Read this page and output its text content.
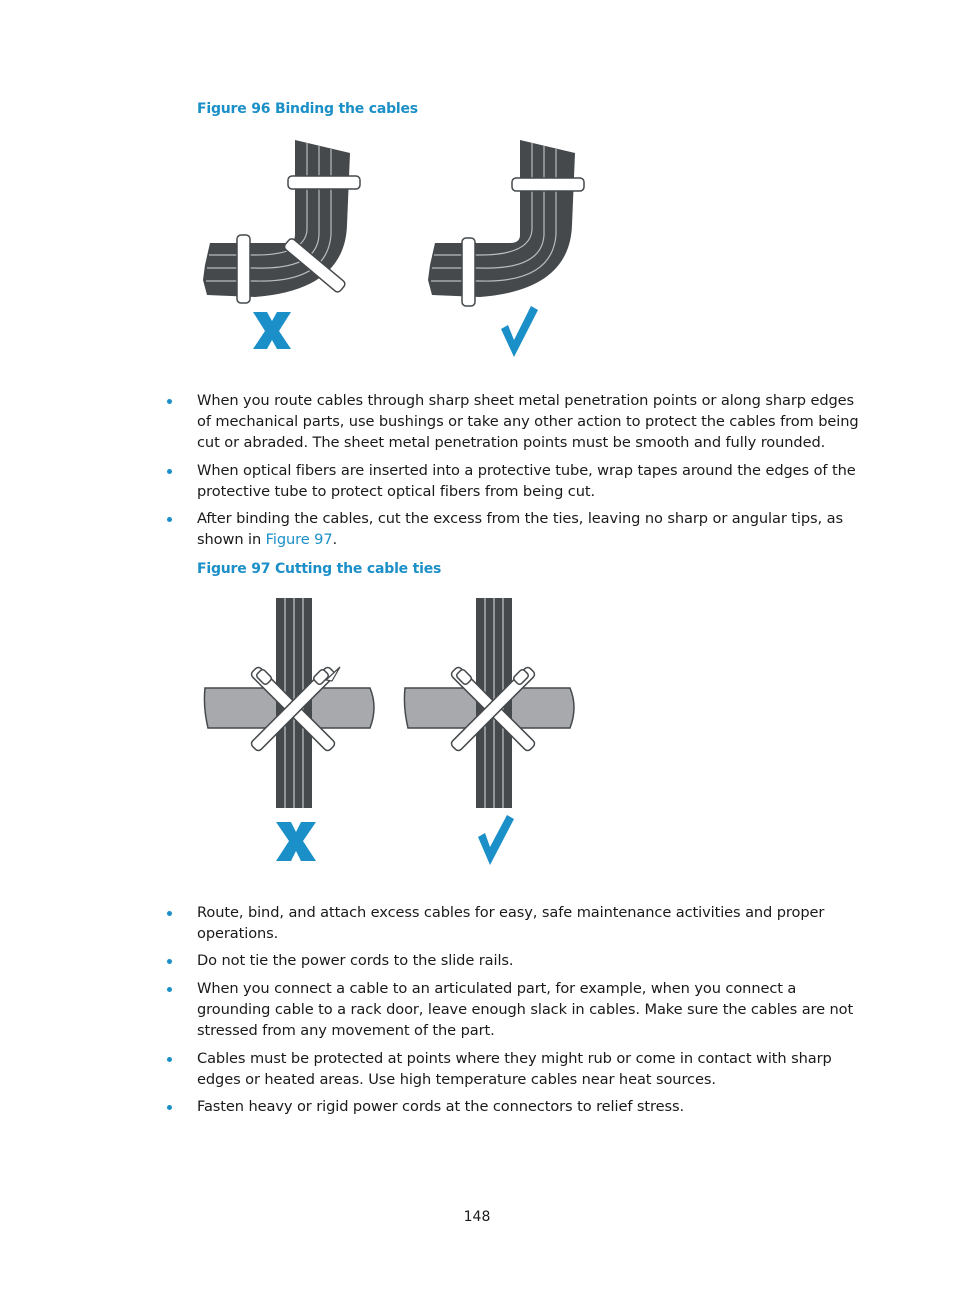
Figure 96 Binding the cables
When you route cables through sharp sheet metal penetration points or along sharp edges of mechanical parts, use bushings or take any other action to protect the cables from being cut or abraded. The sheet metal penetration points must be smooth and fully rounded.
When optical fibers are inserted into a protective tube, wrap tapes around the edges of the protective tube to protect optical fibers from being cut.
After binding the cables, cut the excess from the ties, leaving no sharp or angular tips, as shown in Figure 97.
Figure 97 Cutting the cable ties
Route, bind, and attach excess cables for easy, safe maintenance activities and proper operations.
Do not tie the power cords to the slide rails.
When you connect a cable to an articulated part, for example, when you connect a grounding cable to a rack door, leave enough slack in cables. Make sure the cables are not stressed from any movement of the part.
Cables must be protected at points where they might rub or come in contact with sharp edges or heated areas. Use high temperature cables near heat sources.
Fasten heavy or rigid power cords at the connectors to relief stress.
148
